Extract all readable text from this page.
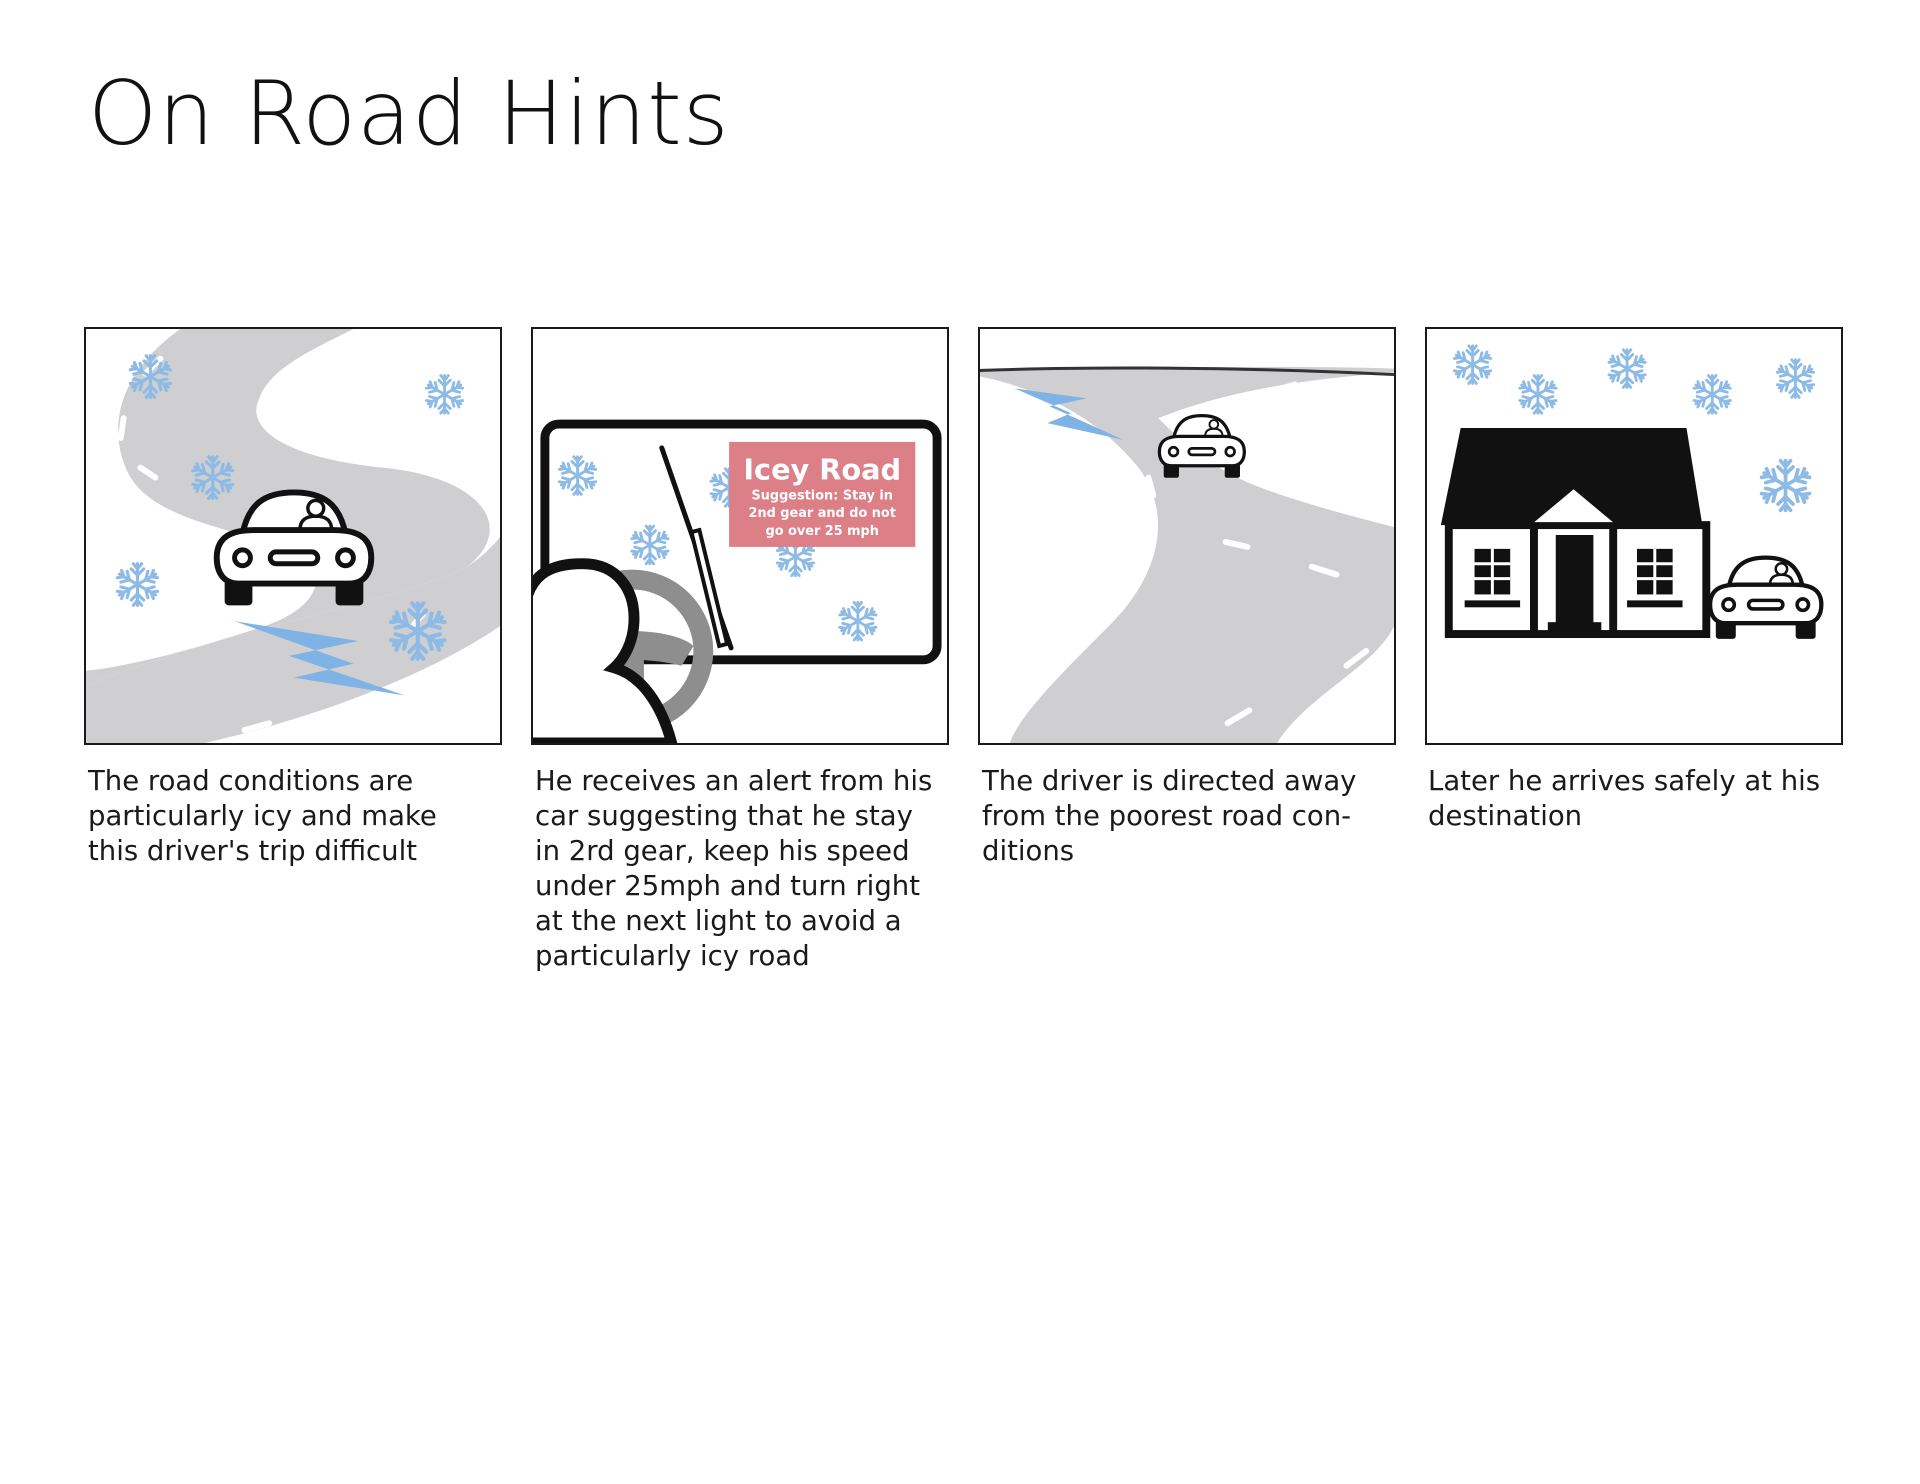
On Road Hints
Icey Road
Suggestion: Stay in
2nd gear and do not
go over 25 mph

The road conditions are
particularly icy and make
this driver's trip difficult

He receives an alert from his
car suggesting that he stay
in 2rd gear, keep his speed
under 25mph and turn right
at the next light to avoid a
particularly icy road

The driver is directed away
from the poorest road con-
ditions

Later he arrives safely at his
destination
